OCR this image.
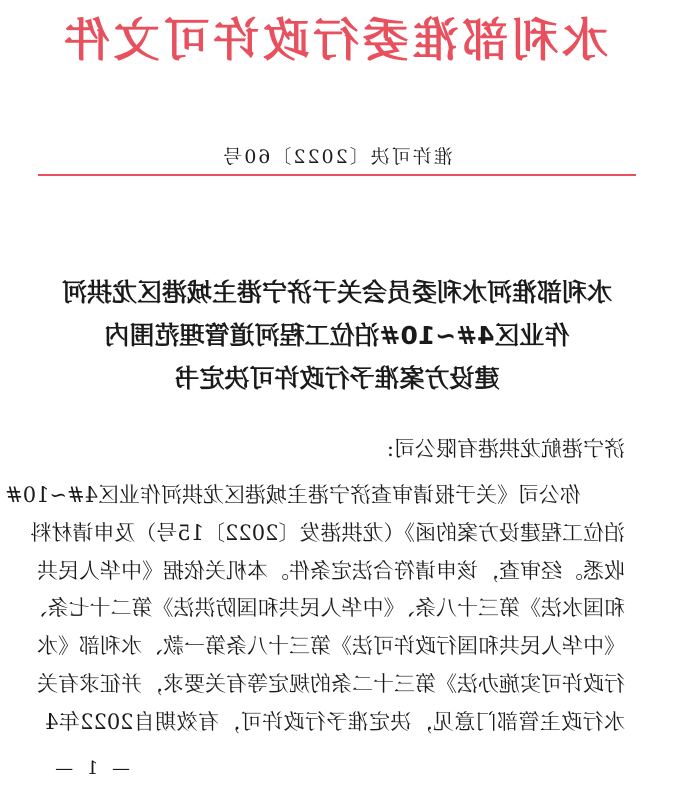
水利部淮委行政许可文件
淮许可决〔2022〕60号
水利部淮河水利委员会关于济宁港主城港区龙拱河
作业区4#~10#泊位工程河道管理范围内
建设方案准予行政许可决定书
济宁港航龙拱港有限公司:
你公司《关于报请审查济宁港主城港区龙拱河作业区4#~10#
泊位工程建设方案的函》（龙拱港发〔2022〕15号）及申请材料
收悉。经审查，该申请符合法定条件。本机关依据《中华人民共
和国水法》第三十八条、《中华人民共和国防洪法》第二十七条、
《中华人民共和国行政许可法》第三十八条第一款、水利部《水
行政许可实施办法》第三十二条的规定等有关要求，并征求有关
水行政主管部门意见，决定准予行政许可，有效期自2022年4
— 1 —
